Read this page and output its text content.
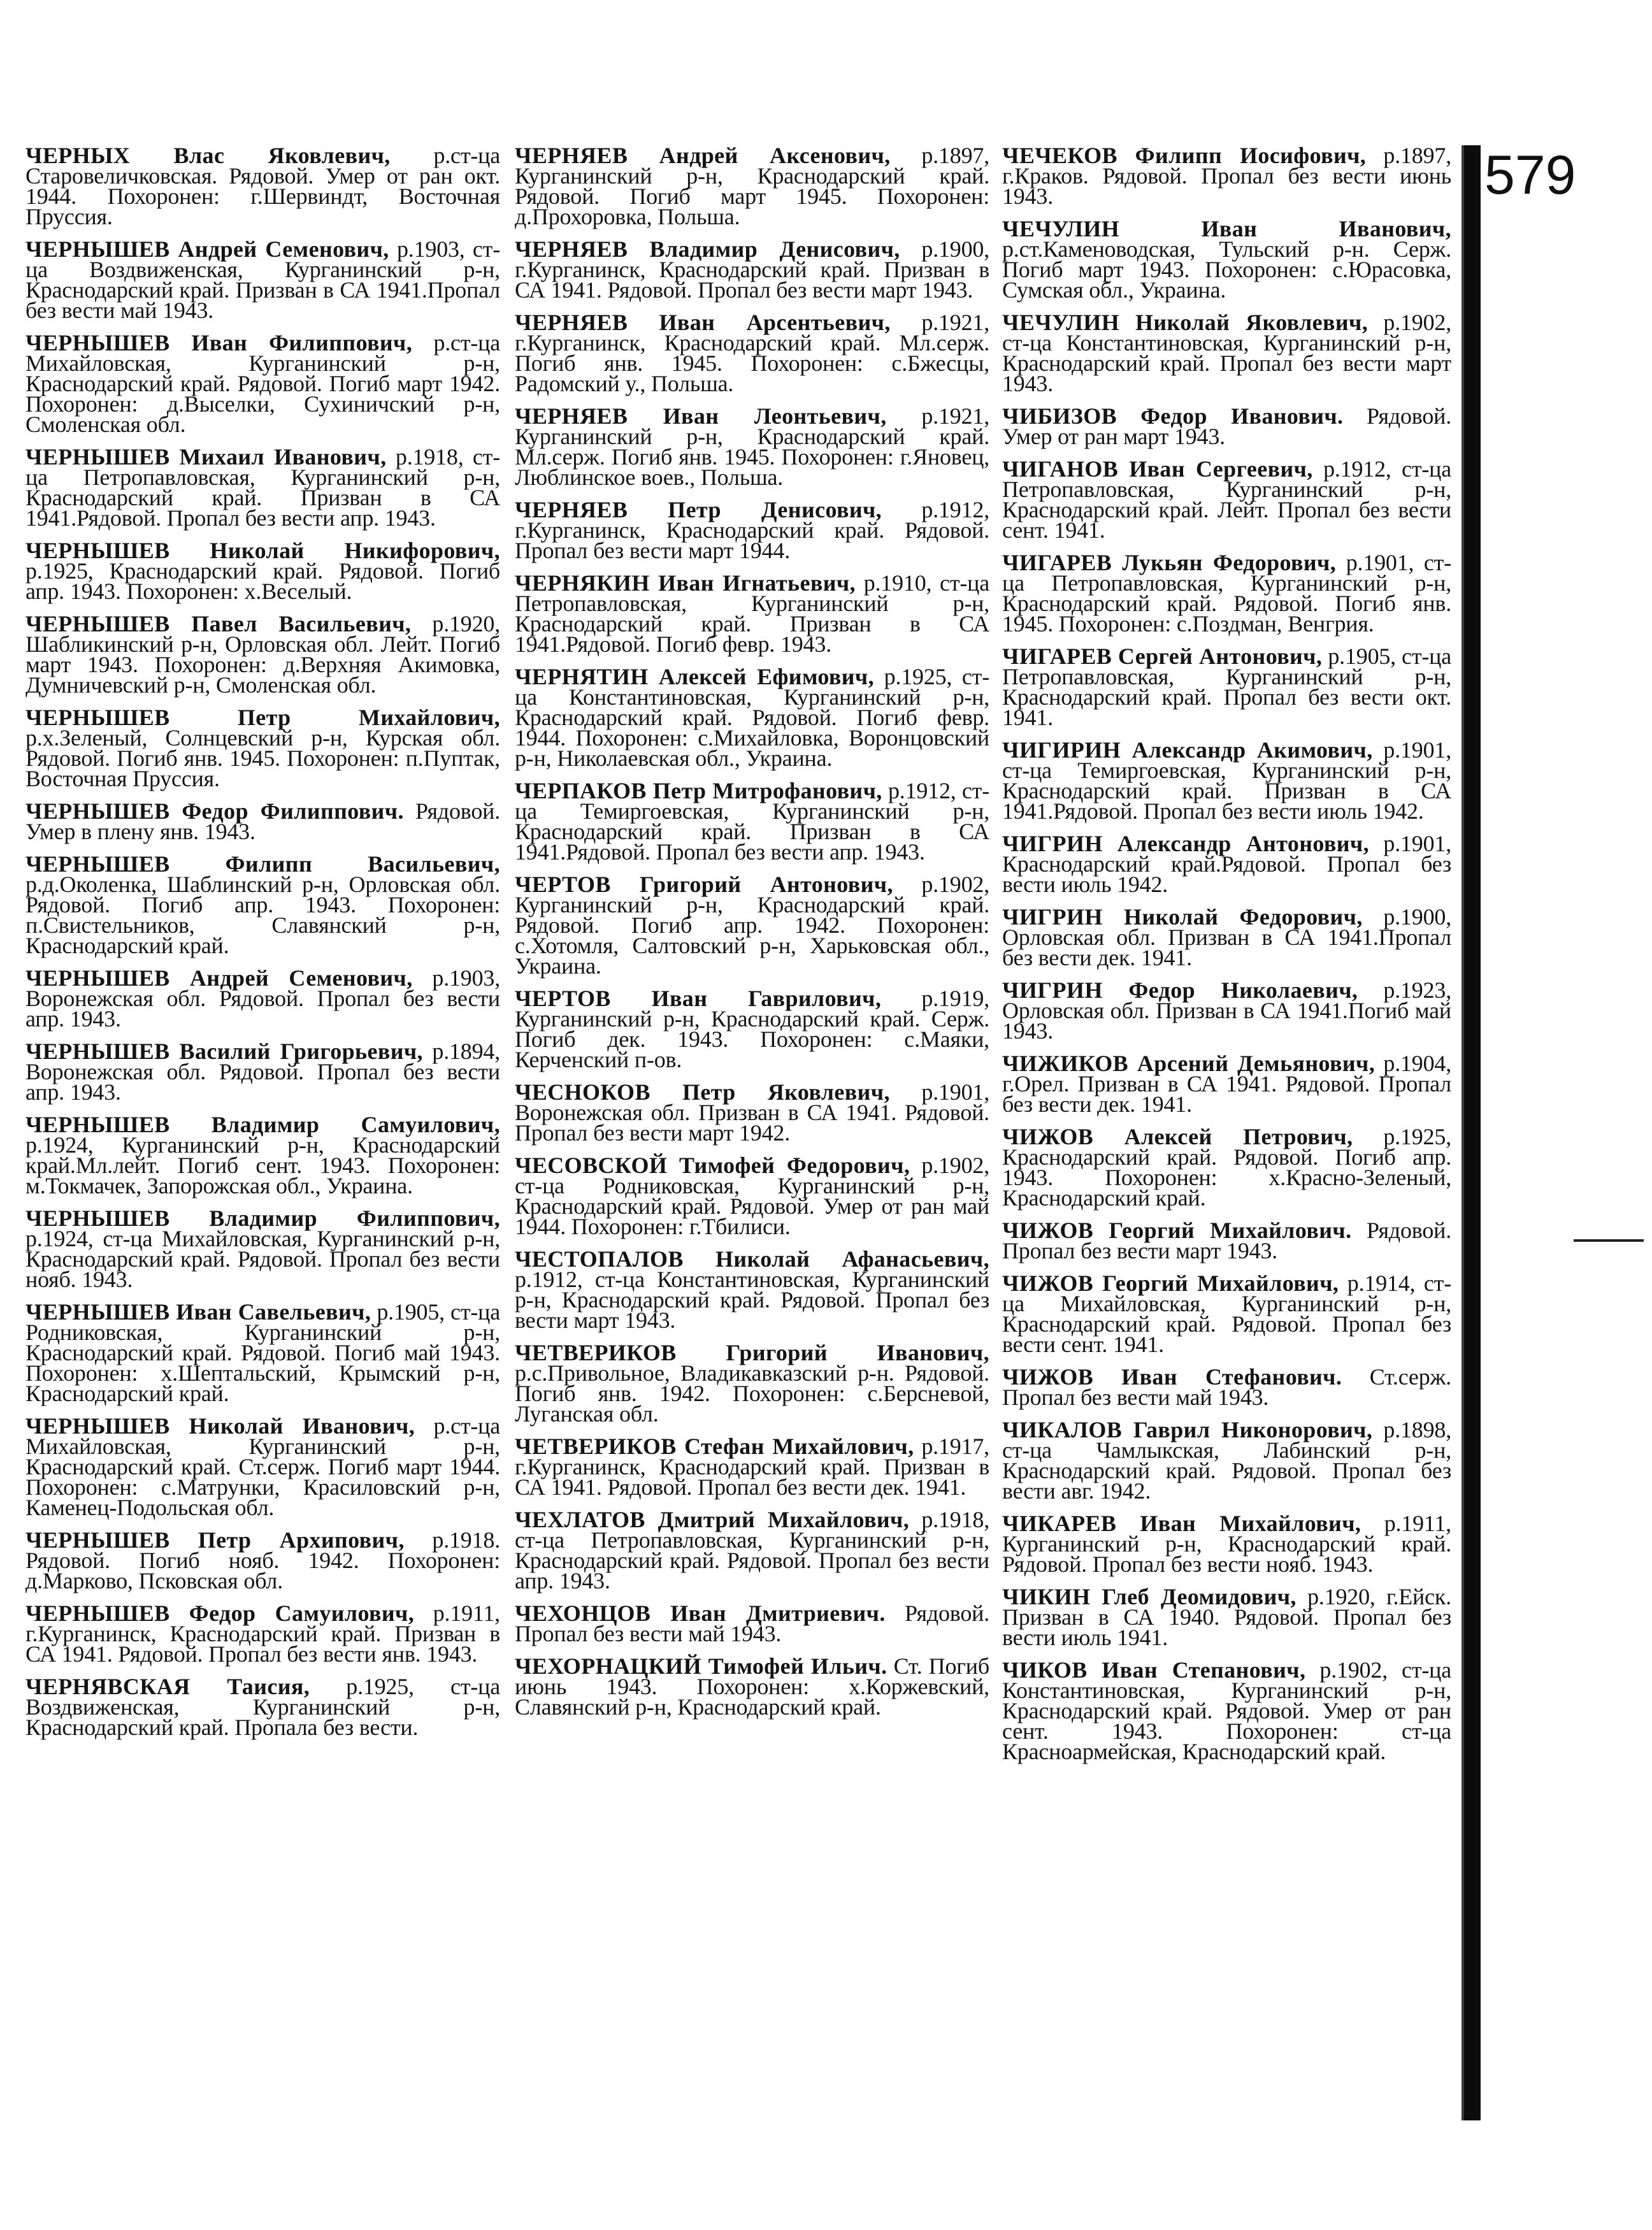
579

ЧЕРНЫХ Влас Яковлевич, р.ст-ца Старовеличковская. Рядовой. Умер от ран окт. 1944. Похоронен: г.Шервиндт, Восточная Пруссия.

ЧЕРНЫШЕВ Андрей Семенович, р.1903, ст-ца Воздвиженская, Курганинский р-н, Краснодарский край. Призван в СА 1941.Пропал без вести май 1943.

ЧЕРНЫШЕВ Иван Филиппович, р.ст-ца Михайловская, Курганинский р-н, Краснодарский край. Рядовой. Погиб март 1942. Похоронен: д.Выселки, Сухиничский р-н, Смоленская обл.

ЧЕРНЫШЕВ Михаил Иванович, р.1918, ст-ца Петропавловская, Курганинский р-н, Краснодарский край. Призван в СА 1941.Рядовой. Пропал без вести апр. 1943.

ЧЕРНЫШЕВ Николай Никифорович, р.1925, Краснодарский край. Рядовой. Погиб апр. 1943. Похоронен: х.Веселый.

ЧЕРНЫШЕВ Павел Васильевич, р.1920, Шабликинский р-н, Орловская обл. Лейт. Погиб март 1943. Похоронен: д.Верхняя Акимовка, Думничевский р-н, Смоленская обл.

ЧЕРНЫШЕВ Петр Михайлович, р.х.Зеленый, Солнцевский р-н, Курская обл. Рядовой. Погиб янв. 1945. Похоронен: п.Пуптак, Восточная Пруссия.

ЧЕРНЫШЕВ Федор Филиппович. Рядовой. Умер в плену янв. 1943.

ЧЕРНЫШЕВ Филипп Васильевич, р.д.Околенка, Шаблинский р-н, Орловская обл. Рядовой. Погиб апр. 1943. Похоронен: п.Свистельников, Славянский р-н, Краснодарский край.

ЧЕРНЫШЕВ Андрей Семенович, р.1903, Воронежская обл. Рядовой. Пропал без вести апр. 1943.

ЧЕРНЫШЕВ Василий Григорьевич, р.1894, Воронежская обл. Рядовой. Пропал без вести апр. 1943.

ЧЕРНЫШЕВ Владимир Самуилович, р.1924, Курганинский р-н, Краснодарский край.Мл.лейт. Погиб сент. 1943. Похоронен: м.Токмачек, Запорожская обл., Украина.

ЧЕРНЫШЕВ Владимир Филиппович, р.1924, ст-ца Михайловская, Курганинский р-н, Краснодарский край. Рядовой. Пропал без вести нояб. 1943.

ЧЕРНЫШЕВ Иван Савельевич, р.1905, ст-ца Родниковская, Курганинский р-н, Краснодарский край. Рядовой. Погиб май 1943. Похоронен: х.Шептальский, Крымский р-н, Краснодарский край.

ЧЕРНЫШЕВ Николай Иванович, р.ст-ца Михайловская, Курганинский р-н, Краснодарский край. Ст.серж. Погиб март 1944. Похоронен: с.Матрунки, Красиловский р-н, Каменец-Подольская обл.

ЧЕРНЫШЕВ Петр Архипович, р.1918. Рядовой. Погиб нояб. 1942. Похоронен: д.Марково, Псковская обл.

ЧЕРНЫШЕВ Федор Самуилович, р.1911, г.Курганинск, Краснодарский край. Призван в СА 1941. Рядовой. Пропал без вести янв. 1943.

ЧЕРНЯВСКАЯ Таисия, р.1925, ст-ца Воздвиженская, Курганинский р-н, Краснодарский край. Пропала без вести.

ЧЕРНЯЕВ Андрей Аксенович, р.1897, Курганинский р-н, Краснодарский край. Рядовой. Погиб март 1945. Похоронен: д.Прохоровка, Польша.

ЧЕРНЯЕВ Владимир Денисович, р.1900, г.Курганинск, Краснодарский край. Призван в СА 1941. Рядовой. Пропал без вести март 1943.

ЧЕРНЯЕВ Иван Арсентьевич, р.1921, г.Курганинск, Краснодарский край. Мл.серж. Погиб янв. 1945. Похоронен: с.Бжесцы, Радомский у., Польша.

ЧЕРНЯЕВ Иван Леонтьевич, р.1921, Курганинский р-н, Краснодарский край. Мл.серж. Погиб янв. 1945. Похоронен: г.Яновец, Люблинское воев., Польша.

ЧЕРНЯЕВ Петр Денисович, р.1912, г.Курганинск, Краснодарский край. Рядовой. Пропал без вести март 1944.

ЧЕРНЯКИН Иван Игнатьевич, р.1910, ст-ца Петропавловская, Курганинский р-н, Краснодарский край. Призван в СА 1941.Рядовой. Погиб февр. 1943.

ЧЕРНЯТИН Алексей Ефимович, р.1925, ст-ца Константиновская, Курганинский р-н, Краснодарский край. Рядовой. Погиб февр. 1944. Похоронен: с.Михайловка, Воронцовский р-н, Николаевская обл., Украина.

ЧЕРПАКОВ Петр Митрофанович, р.1912, ст-ца Темиргоевская, Курганинский р-н, Краснодарский край. Призван в СА 1941.Рядовой. Пропал без вести апр. 1943.

ЧЕРТОВ Григорий Антонович, р.1902, Курганинский р-н, Краснодарский край. Рядовой. Погиб апр. 1942. Похоронен: с.Хотомля, Салтовский р-н, Харьковская обл., Украина.

ЧЕРТОВ Иван Гаврилович, р.1919, Курганинский р-н, Краснодарский край. Серж. Погиб дек. 1943. Похоронен: с.Маяки, Керченский п-ов.

ЧЕСНОКОВ Петр Яковлевич, р.1901, Воронежская обл. Призван в СА 1941. Рядовой. Пропал без вести март 1942.

ЧЕСОВСКОЙ Тимофей Федорович, р.1902, ст-ца Родниковская, Курганинский р-н, Краснодарский край. Рядовой. Умер от ран май 1944. Похоронен: г.Тбилиси.

ЧЕСТОПАЛОВ Николай Афанасьевич, р.1912, ст-ца Константиновская, Курганинский р-н, Краснодарский край. Рядовой. Пропал без вести март 1943.

ЧЕТВЕРИКОВ Григорий Иванович, р.с.Привольное, Владикавказский р-н. Рядовой. Погиб янв. 1942. Похоронен: с.Берсневой, Луганская обл.

ЧЕТВЕРИКОВ Стефан Михайлович, р.1917, г.Курганинск, Краснодарский край. Призван в СА 1941. Рядовой. Пропал без вести дек. 1941.

ЧЕХЛАТОВ Дмитрий Михайлович, р.1918, ст-ца Петропавловская, Курганинский р-н, Краснодарский край. Рядовой. Пропал без вести апр. 1943.

ЧЕХОНЦОВ Иван Дмитриевич. Рядовой. Пропал без вести май 1943.

ЧЕХОРНАЦКИЙ Тимофей Ильич. Ст. Погиб июнь 1943. Похоронен: х.Коржевский, Славянский р-н, Краснодарский край.

ЧЕЧЕКОВ Филипп Иосифович, р.1897, г.Краков. Рядовой. Пропал без вести июнь 1943.

ЧЕЧУЛИН Иван Иванович, р.ст.Каменоводская, Тульский р-н. Серж. Погиб март 1943. Похоронен: с.Юрасовка, Сумская обл., Украина.

ЧЕЧУЛИН Николай Яковлевич, р.1902, ст-ца Константиновская, Курганинский р-н, Краснодарский край. Пропал без вести март 1943.

ЧИБИЗОВ Федор Иванович. Рядовой. Умер от ран март 1943.

ЧИГАНОВ Иван Сергеевич, р.1912, ст-ца Петропавловская, Курганинский р-н, Краснодарский край. Лейт. Пропал без вести сент. 1941.

ЧИГАРЕВ Лукьян Федорович, р.1901, ст-ца Петропавловская, Курганинский р-н, Краснодарский край. Рядовой. Погиб янв. 1945. Похоронен: с.Поздман, Венгрия.

ЧИГАРЕВ Сергей Антонович, р.1905, ст-ца Петропавловская, Курганинский р-н, Краснодарский край. Пропал без вести окт. 1941.

ЧИГИРИН Александр Акимович, р.1901, ст-ца Темиргоевская, Курганинский р-н, Краснодарский край. Призван в СА 1941.Рядовой. Пропал без вести июль 1942.

ЧИГРИН Александр Антонович, р.1901, Краснодарский край.Рядовой. Пропал без вести июль 1942.

ЧИГРИН Николай Федорович, р.1900, Орловская обл. Призван в СА 1941.Пропал без вести дек. 1941.

ЧИГРИН Федор Николаевич, р.1923, Орловская обл. Призван в СА 1941.Погиб май 1943.

ЧИЖИКОВ Арсений Демьянович, р.1904, г.Орел. Призван в СА 1941. Рядовой. Пропал без вести дек. 1941.

ЧИЖОВ Алексей Петрович, р.1925, Краснодарский край. Рядовой. Погиб апр. 1943. Похоронен: х.Красно-Зеленый, Краснодарский край.

ЧИЖОВ Георгий Михайлович. Рядовой. Пропал без вести март 1943.

ЧИЖОВ Георгий Михайлович, р.1914, ст-ца Михайловская, Курганинский р-н, Краснодарский край. Рядовой. Пропал без вести сент. 1941.

ЧИЖОВ Иван Стефанович. Ст.серж. Пропал без вести май 1943.

ЧИКАЛОВ Гаврил Никонорович, р.1898, ст-ца Чамлыкская, Лабинский р-н, Краснодарский край. Рядовой. Пропал без вести авг. 1942.

ЧИКАРЕВ Иван Михайлович, р.1911, Курганинский р-н, Краснодарский край. Рядовой. Пропал без вести нояб. 1943.

ЧИКИН Глеб Деомидович, р.1920, г.Ейск. Призван в СА 1940. Рядовой. Пропал без вести июль 1941.

ЧИКОВ Иван Степанович, р.1902, ст-ца Константиновская, Курганинский р-н, Краснодарский край. Рядовой. Умер от ран сент. 1943. Похоронен: ст-ца Красноармейская, Краснодарский край.
